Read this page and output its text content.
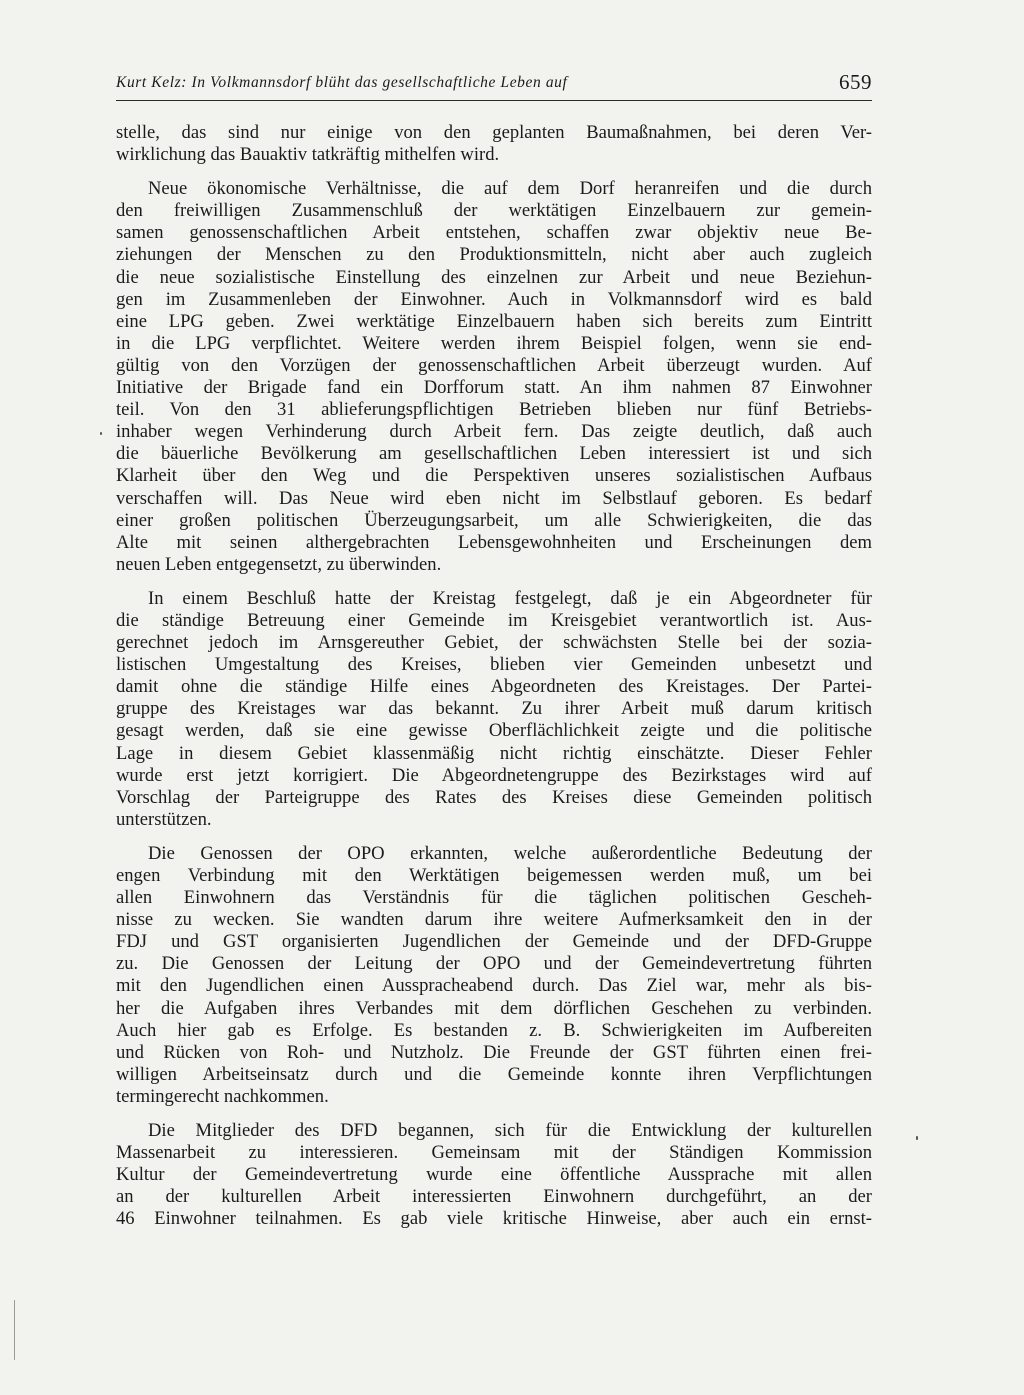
Kurt Kelz: In Volkmannsdorf blüht das gesellschaftliche Leben auf	659
stelle, das sind nur einige von den geplanten Baumaßnahmen, bei deren Ver-
wirklichung das Bauaktiv tatkräftig mithelfen wird.
Neue ökonomische Verhältnisse, die auf dem Dorf heranreifen und die durch
den freiwilligen Zusammenschluß der werktätigen Einzelbauern zur gemein-
samen genossenschaftlichen Arbeit entstehen, schaffen zwar objektiv neue Be-
ziehungen der Menschen zu den Produktionsmitteln, nicht aber auch zugleich
die neue sozialistische Einstellung des einzelnen zur Arbeit und neue Beziehun-
gen im Zusammenleben der Einwohner. Auch in Volkmannsdorf wird es bald
eine LPG geben. Zwei werktätige Einzelbauern haben sich bereits zum Eintritt
in die LPG verpflichtet. Weitere werden ihrem Beispiel folgen, wenn sie end-
gültig von den Vorzügen der genossenschaftlichen Arbeit überzeugt wurden. Auf
Initiative der Brigade fand ein Dorfforum statt. An ihm nahmen 87 Einwohner
teil. Von den 31 ablieferungspflichtigen Betrieben blieben nur fünf Betriebs-
inhaber wegen Verhinderung durch Arbeit fern. Das zeigte deutlich, daß auch
die bäuerliche Bevölkerung am gesellschaftlichen Leben interessiert ist und sich
Klarheit über den Weg und die Perspektiven unseres sozialistischen Aufbaus
verschaffen will. Das Neue wird eben nicht im Selbstlauf geboren. Es bedarf
einer großen politischen Überzeugungsarbeit, um alle Schwierigkeiten, die das
Alte mit seinen althergebrachten Lebensgewohnheiten und Erscheinungen dem
neuen Leben entgegensetzt, zu überwinden.
In einem Beschluß hatte der Kreistag festgelegt, daß je ein Abgeordneter für
die ständige Betreuung einer Gemeinde im Kreisgebiet verantwortlich ist. Aus-
gerechnet jedoch im Arnsgereuther Gebiet, der schwächsten Stelle bei der sozia-
listischen Umgestaltung des Kreises, blieben vier Gemeinden unbesetzt und
damit ohne die ständige Hilfe eines Abgeordneten des Kreistages. Der Partei-
gruppe des Kreistages war das bekannt. Zu ihrer Arbeit muß darum kritisch
gesagt werden, daß sie eine gewisse Oberflächlichkeit zeigte und die politische
Lage in diesem Gebiet klassenmäßig nicht richtig einschätzte. Dieser Fehler
wurde erst jetzt korrigiert. Die Abgeordnetengruppe des Bezirkstages wird auf
Vorschlag der Parteigruppe des Rates des Kreises diese Gemeinden politisch
unterstützen.
Die Genossen der OPO erkannten, welche außerordentliche Bedeutung der
engen Verbindung mit den Werktätigen beigemessen werden muß, um bei
allen Einwohnern das Verständnis für die täglichen politischen Gescheh-
nisse zu wecken. Sie wandten darum ihre weitere Aufmerksamkeit den in der
FDJ und GST organisierten Jugendlichen der Gemeinde und der DFD-Gruppe
zu. Die Genossen der Leitung der OPO und der Gemeindevertretung führten
mit den Jugendlichen einen Ausspracheabend durch. Das Ziel war, mehr als bis-
her die Aufgaben ihres Verbandes mit dem dörflichen Geschehen zu verbinden.
Auch hier gab es Erfolge. Es bestanden z. B. Schwierigkeiten im Aufbereiten
und Rücken von Roh- und Nutzholz. Die Freunde der GST führten einen frei-
willigen Arbeitseinsatz durch und die Gemeinde konnte ihren Verpflichtungen
termingerecht nachkommen.
Die Mitglieder des DFD begannen, sich für die Entwicklung der kulturellen
Massenarbeit zu interessieren. Gemeinsam mit der Ständigen Kommission
Kultur der Gemeindevertretung wurde eine öffentliche Aussprache mit allen
an der kulturellen Arbeit interessierten Einwohnern durchgeführt, an der
46 Einwohner teilnahmen. Es gab viele kritische Hinweise, aber auch ein ernst-
